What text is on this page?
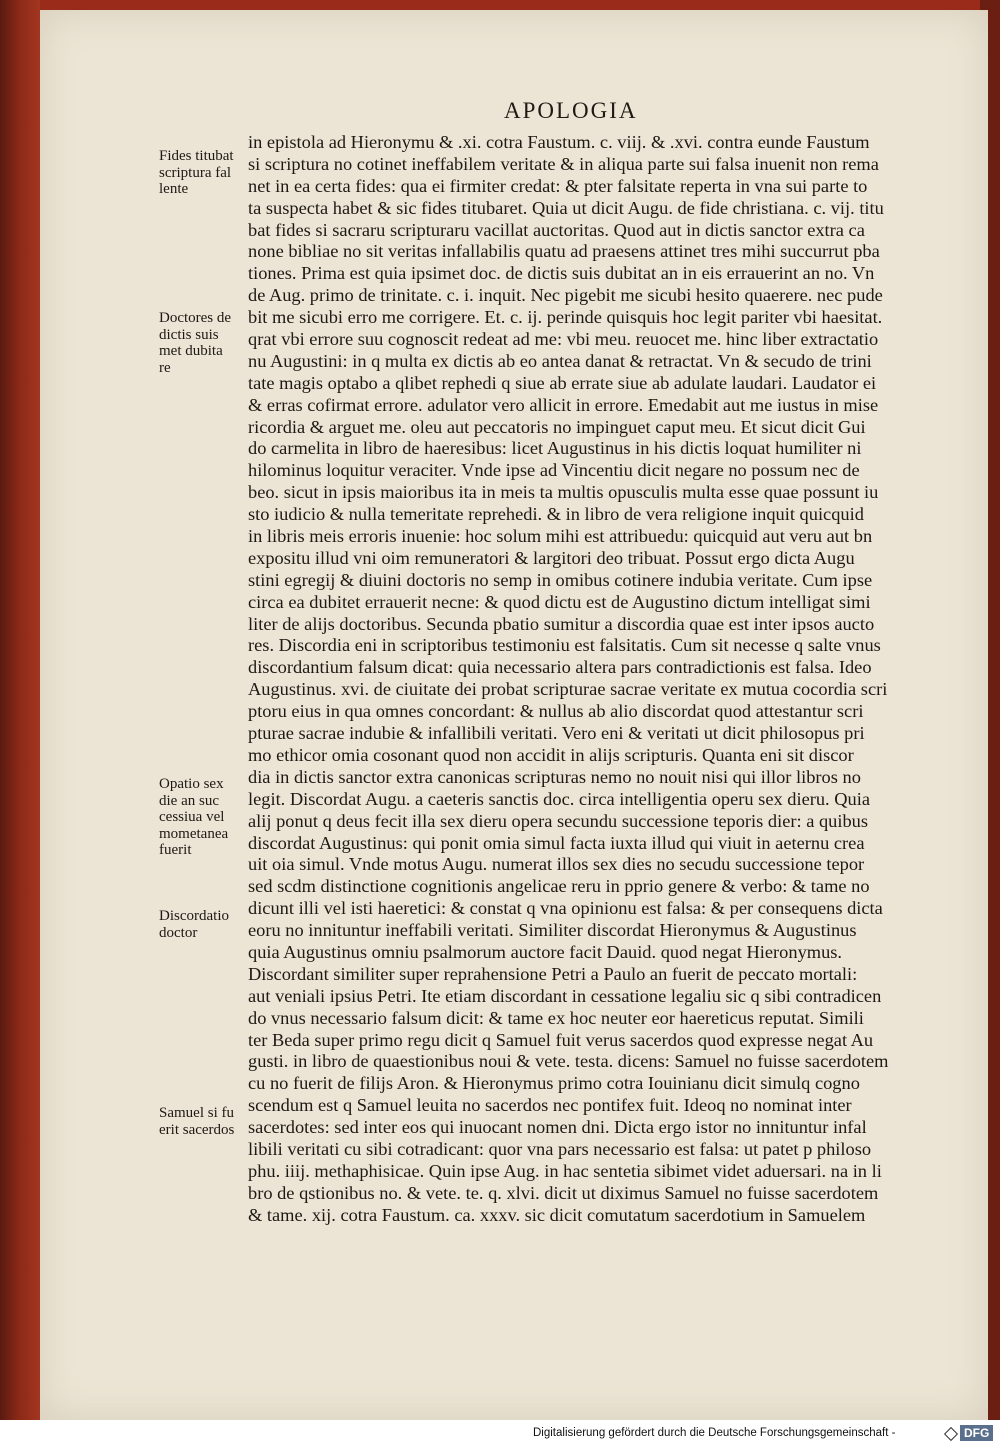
APOLOGIA
Fides titubat
scriptura fal
lente
Doctores de
dictis suis
met dubita
re
Opatio sex
die an suc
cessiua vel
mometanea
fuerit
Discordatio
doctor
Samuel si fu
erit sacerdos
in epistola ad Hieronymu & .xi. cotra Faustum. c. viij. & .xvi. contra eunde Faustum
si scriptura no cotinet ineffabilem veritate & in aliqua parte sui falsa inuenit non rema
net in ea certa fides: qua ei firmiter credat: & pter falsitate reperta in vna sui parte to
ta suspecta habet & sic fides titubaret. Quia ut dicit Augu. de fide christiana. c. vij. titu
bat fides si sacraru scripturaru vacillat auctoritas. Quod aut in dictis sanctor extra ca
none bibliae no sit veritas infallabilis quatu ad praesens attinet tres mihi succurrut pba
tiones. Prima est quia ipsimet doc. de dictis suis dubitat an in eis errauerint an no. Vn
de Aug. primo de trinitate. c. i. inquit. Nec pigebit me sicubi hesito quaerere. nec pude
bit me sicubi erro me corrigere. Et. c. ij. perinde quisquis hoc legit pariter vbi haesitat.
qrat vbi errore suu cognoscit redeat ad me: vbi meu. reuocet me. hinc liber extractatio
nu Augustini: in q multa ex dictis ab eo antea danat & retractat. Vn & secudo de trini
tate magis optabo a qlibet rephedi q siue ab errate siue ab adulate laudari. Laudator ei
& erras cofirmat errore. adulator vero allicit in errore. Emedabit aut me iustus in mise
ricordia & arguet me. oleu aut peccatoris no impinguet caput meu. Et sicut dicit Gui
do carmelita in libro de haeresibus: licet Augustinus in his dictis loquat humiliter ni
hilominus loquitur veraciter. Vnde ipse ad Vincentiu dicit negare no possum nec de
beo. sicut in ipsis maioribus ita in meis ta multis opusculis multa esse quae possunt iu
sto iudicio & nulla temeritate reprehedi. & in libro de vera religione inquit quicquid
in libris meis erroris inuenie: hoc solum mihi est attribuedu: quicquid aut veru aut bn
expositu illud vni oim remuneratori & largitori deo tribuat. Possut ergo dicta Augu
stini egregij & diuini doctoris no semp in omibus cotinere indubia veritate. Cum ipse
circa ea dubitet errauerit necne: & quod dictu est de Augustino dictum intelligat simi
liter de alijs doctoribus. Secunda pbatio sumitur a discordia quae est inter ipsos aucto
res. Discordia eni in scriptoribus testimoniu est falsitatis. Cum sit necesse q salte vnus
discordantium falsum dicat: quia necessario altera pars contradictionis est falsa. Ideo
Augustinus. xvi. de ciuitate dei probat scripturae sacrae veritate ex mutua cocordia scri
ptoru eius in qua omnes concordant: & nullus ab alio discordat quod attestantur scri
pturae sacrae indubie & infallibili veritati. Vero eni & veritati ut dicit philosopus pri
mo ethicor omia cosonant quod non accidit in alijs scripturis. Quanta eni sit discor
dia in dictis sanctor extra canonicas scripturas nemo no nouit nisi qui illor libros no
legit. Discordat Augu. a caeteris sanctis doc. circa intelligentia operu sex dieru. Quia
alij ponut q deus fecit illa sex dieru opera secundu successione teporis dier: a quibus
discordat Augustinus: qui ponit omia simul facta iuxta illud qui viuit in aeternu crea
uit oia simul. Vnde motus Augu. numerat illos sex dies no secudu successione tepor
sed scdm distinctione cognitionis angelicae reru in pprio genere & verbo: & tame no
dicunt illi vel isti haeretici: & constat q vna opinionu est falsa: & per consequens dicta
eoru no innituntur ineffabili veritati. Similiter discordat Hieronymus & Augustinus
quia Augustinus omniu psalmorum auctore facit Dauid. quod negat Hieronymus.
Discordant similiter super reprahensione Petri a Paulo an fuerit de peccato mortali:
aut veniali ipsius Petri. Ite etiam discordant in cessatione legaliu sic q sibi contradicen
do vnus necessario falsum dicit: & tame ex hoc neuter eor haereticus reputat. Simili
ter Beda super primo regu dicit q Samuel fuit verus sacerdos quod expresse negat Au
gusti. in libro de quaestionibus noui & vete. testa. dicens: Samuel no fuisse sacerdotem
cu no fuerit de filijs Aron. & Hieronymus primo cotra Iouinianu dicit simulq cogno
scendum est q Samuel leuita no sacerdos nec pontifex fuit. Ideoq no nominat inter
sacerdotes: sed inter eos qui inuocant nomen dni. Dicta ergo istor no innituntur infal
libili veritati cu sibi cotradicant: quor vna pars necessario est falsa: ut patet p philoso
phu. iiij. methaphisicae. Quin ipse Aug. in hac sentetia sibimet videt aduersari. na in li
bro de qstionibus no. & vete. te. q. xlvi. dicit ut diximus Samuel no fuisse sacerdotem
& tame. xij. cotra Faustum. ca. xxxv. sic dicit comutatum sacerdotium in Samuelem
Digitalisierung gefördert durch die Deutsche Forschungsgemeinschaft -	DFG
